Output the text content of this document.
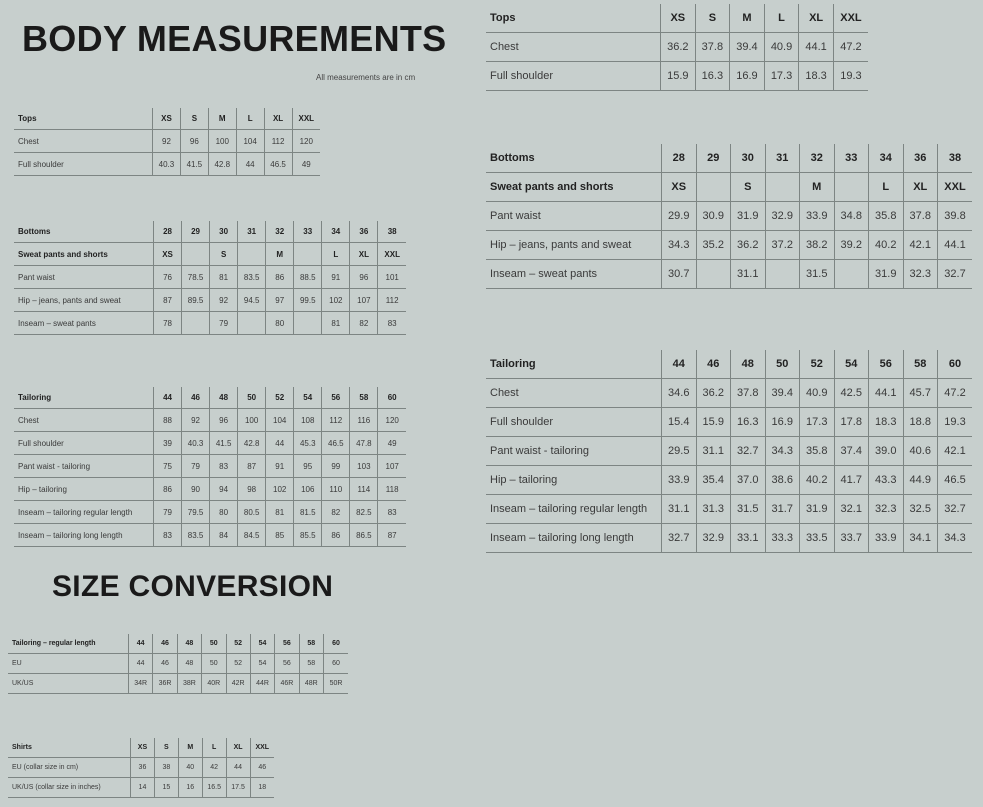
BODY MEASUREMENTS
All measurements are in cm
SIZE CONVERSION
Tops	XS	S	M	L	XL	XXL
Chest	92	96	100	104	112	120
Full shoulder	40.3	41.5	42.8	44	46.5	49
Bottoms	28	29	30	31	32	33	34	36	38
Sweat pants and shorts	XS		S		M		L	XL	XXL
Pant waist	76	78.5	81	83.5	86	88.5	91	96	101
Hip – jeans, pants and sweat	87	89.5	92	94.5	97	99.5	102	107	112
Inseam – sweat pants	78		79		80		81	82	83
Tailoring	44	46	48	50	52	54	56	58	60
Chest	88	92	96	100	104	108	112	116	120
Full shoulder	39	40.3	41.5	42.8	44	45.3	46.5	47.8	49
Pant waist - tailoring	75	79	83	87	91	95	99	103	107
Hip – tailoring	86	90	94	98	102	106	110	114	118
Inseam – tailoring regular length	79	79.5	80	80.5	81	81.5	82	82.5	83
Inseam – tailoring long length	83	83.5	84	84.5	85	85.5	86	86.5	87
Tailoring – regular length	44	46	48	50	52	54	56	58	60
EU	44	46	48	50	52	54	56	58	60
UK/US	34R	36R	38R	40R	42R	44R	46R	48R	50R
Shirts	XS	S	M	L	XL	XXL
EU (collar size in cm)	36	38	40	42	44	46
UK/US (collar size in inches)	14	15	16	16.5	17.5	18
Tops	XS	S	M	L	XL	XXL
Chest	36.2	37.8	39.4	40.9	44.1	47.2
Full shoulder	15.9	16.3	16.9	17.3	18.3	19.3
Bottoms	28	29	30	31	32	33	34	36	38
Sweat pants and shorts	XS		S		M		L	XL	XXL
Pant waist	29.9	30.9	31.9	32.9	33.9	34.8	35.8	37.8	39.8
Hip – jeans, pants and sweat	34.3	35.2	36.2	37.2	38.2	39.2	40.2	42.1	44.1
Inseam – sweat pants	30.7		31.1		31.5		31.9	32.3	32.7
Tailoring	44	46	48	50	52	54	56	58	60
Chest	34.6	36.2	37.8	39.4	40.9	42.5	44.1	45.7	47.2
Full shoulder	15.4	15.9	16.3	16.9	17.3	17.8	18.3	18.8	19.3
Pant waist - tailoring	29.5	31.1	32.7	34.3	35.8	37.4	39.0	40.6	42.1
Hip – tailoring	33.9	35.4	37.0	38.6	40.2	41.7	43.3	44.9	46.5
Inseam – tailoring regular length	31.1	31.3	31.5	31.7	31.9	32.1	32.3	32.5	32.7
Inseam – tailoring long length	32.7	32.9	33.1	33.3	33.5	33.7	33.9	34.1	34.3
